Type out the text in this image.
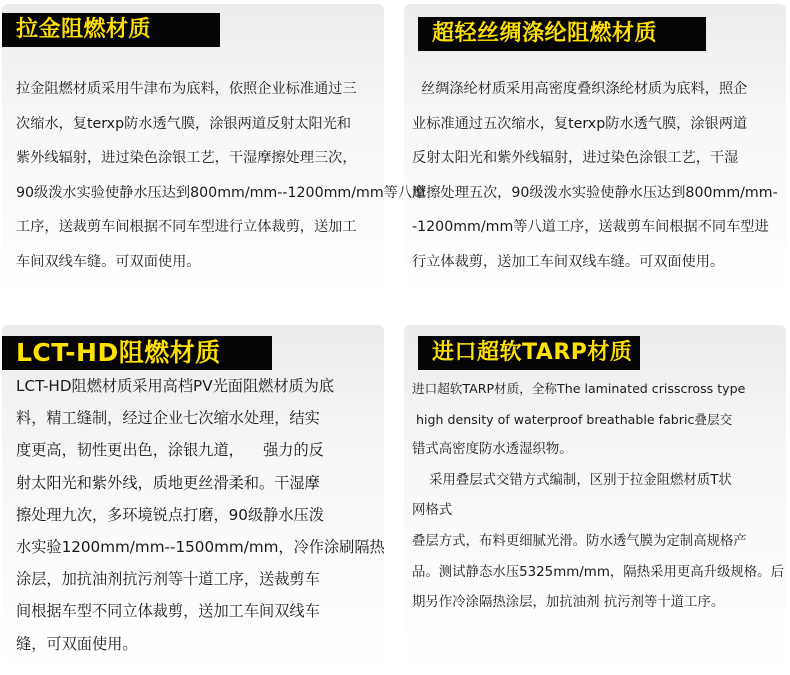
拉金阻燃材质
拉金阻燃材质采用牛津布为底料，依照企业标准通过三
次缩水，复terxp防水透气膜，涂银两道反射太阳光和
紫外线辐射，进过染色涂银工艺，干湿摩擦处理三次，
90级泼水实验使静水压达到800mm/mm--1200mm/mm等八道
工序，送裁剪车间根据不同车型进行立体裁剪，送加工
车间双线车缝。可双面使用。
超轻丝绸涤纶阻燃材质
丝绸涤纶材质采用高密度叠织涤纶材质为底料，照企
业标准通过五次缩水，复terxp防水透气膜，涂银两道
反射太阳光和紫外线辐射，进过染色涂银工艺，干湿
摩擦处理五次，90级泼水实验使静水压达到800mm/mm-
-1200mm/mm等八道工序，送裁剪车间根据不同车型进
行立体裁剪，送加工车间双线车缝。可双面使用。
LCT-HD阻燃材质
LCT-HD阻燃材质采用高档PV光面阻燃材质为底
料，精工缝制，经过企业七次缩水处理，结实
度更高，韧性更出色，涂银九道，    强力的反
射太阳光和紫外线，质地更丝滑柔和。干湿摩
擦处理九次，多环境锐点打磨，90级静水压泼
水实验1200mm/mm--1500mm/mm，冷作涂刷隔热
涂层，加抗油剂抗污剂等十道工序，送裁剪车
间根据车型不同立体裁剪，送加工车间双线车
缝，可双面使用。
进口超软TARP材质
进口超软TARP材质，全称The laminated crisscross type
high density of waterproof breathable fabric叠层交
错式高密度防水透湿织物。
采用叠层式交错方式编制，区别于拉金阻燃材质T状
网格式
叠层方式，布料更细腻光滑。防水透气膜为定制高规格产
品。测试静态水压5325mm/mm，隔热采用更高升级规格。后
期另作冷涂隔热涂层，加抗油剂 抗污剂等十道工序。
